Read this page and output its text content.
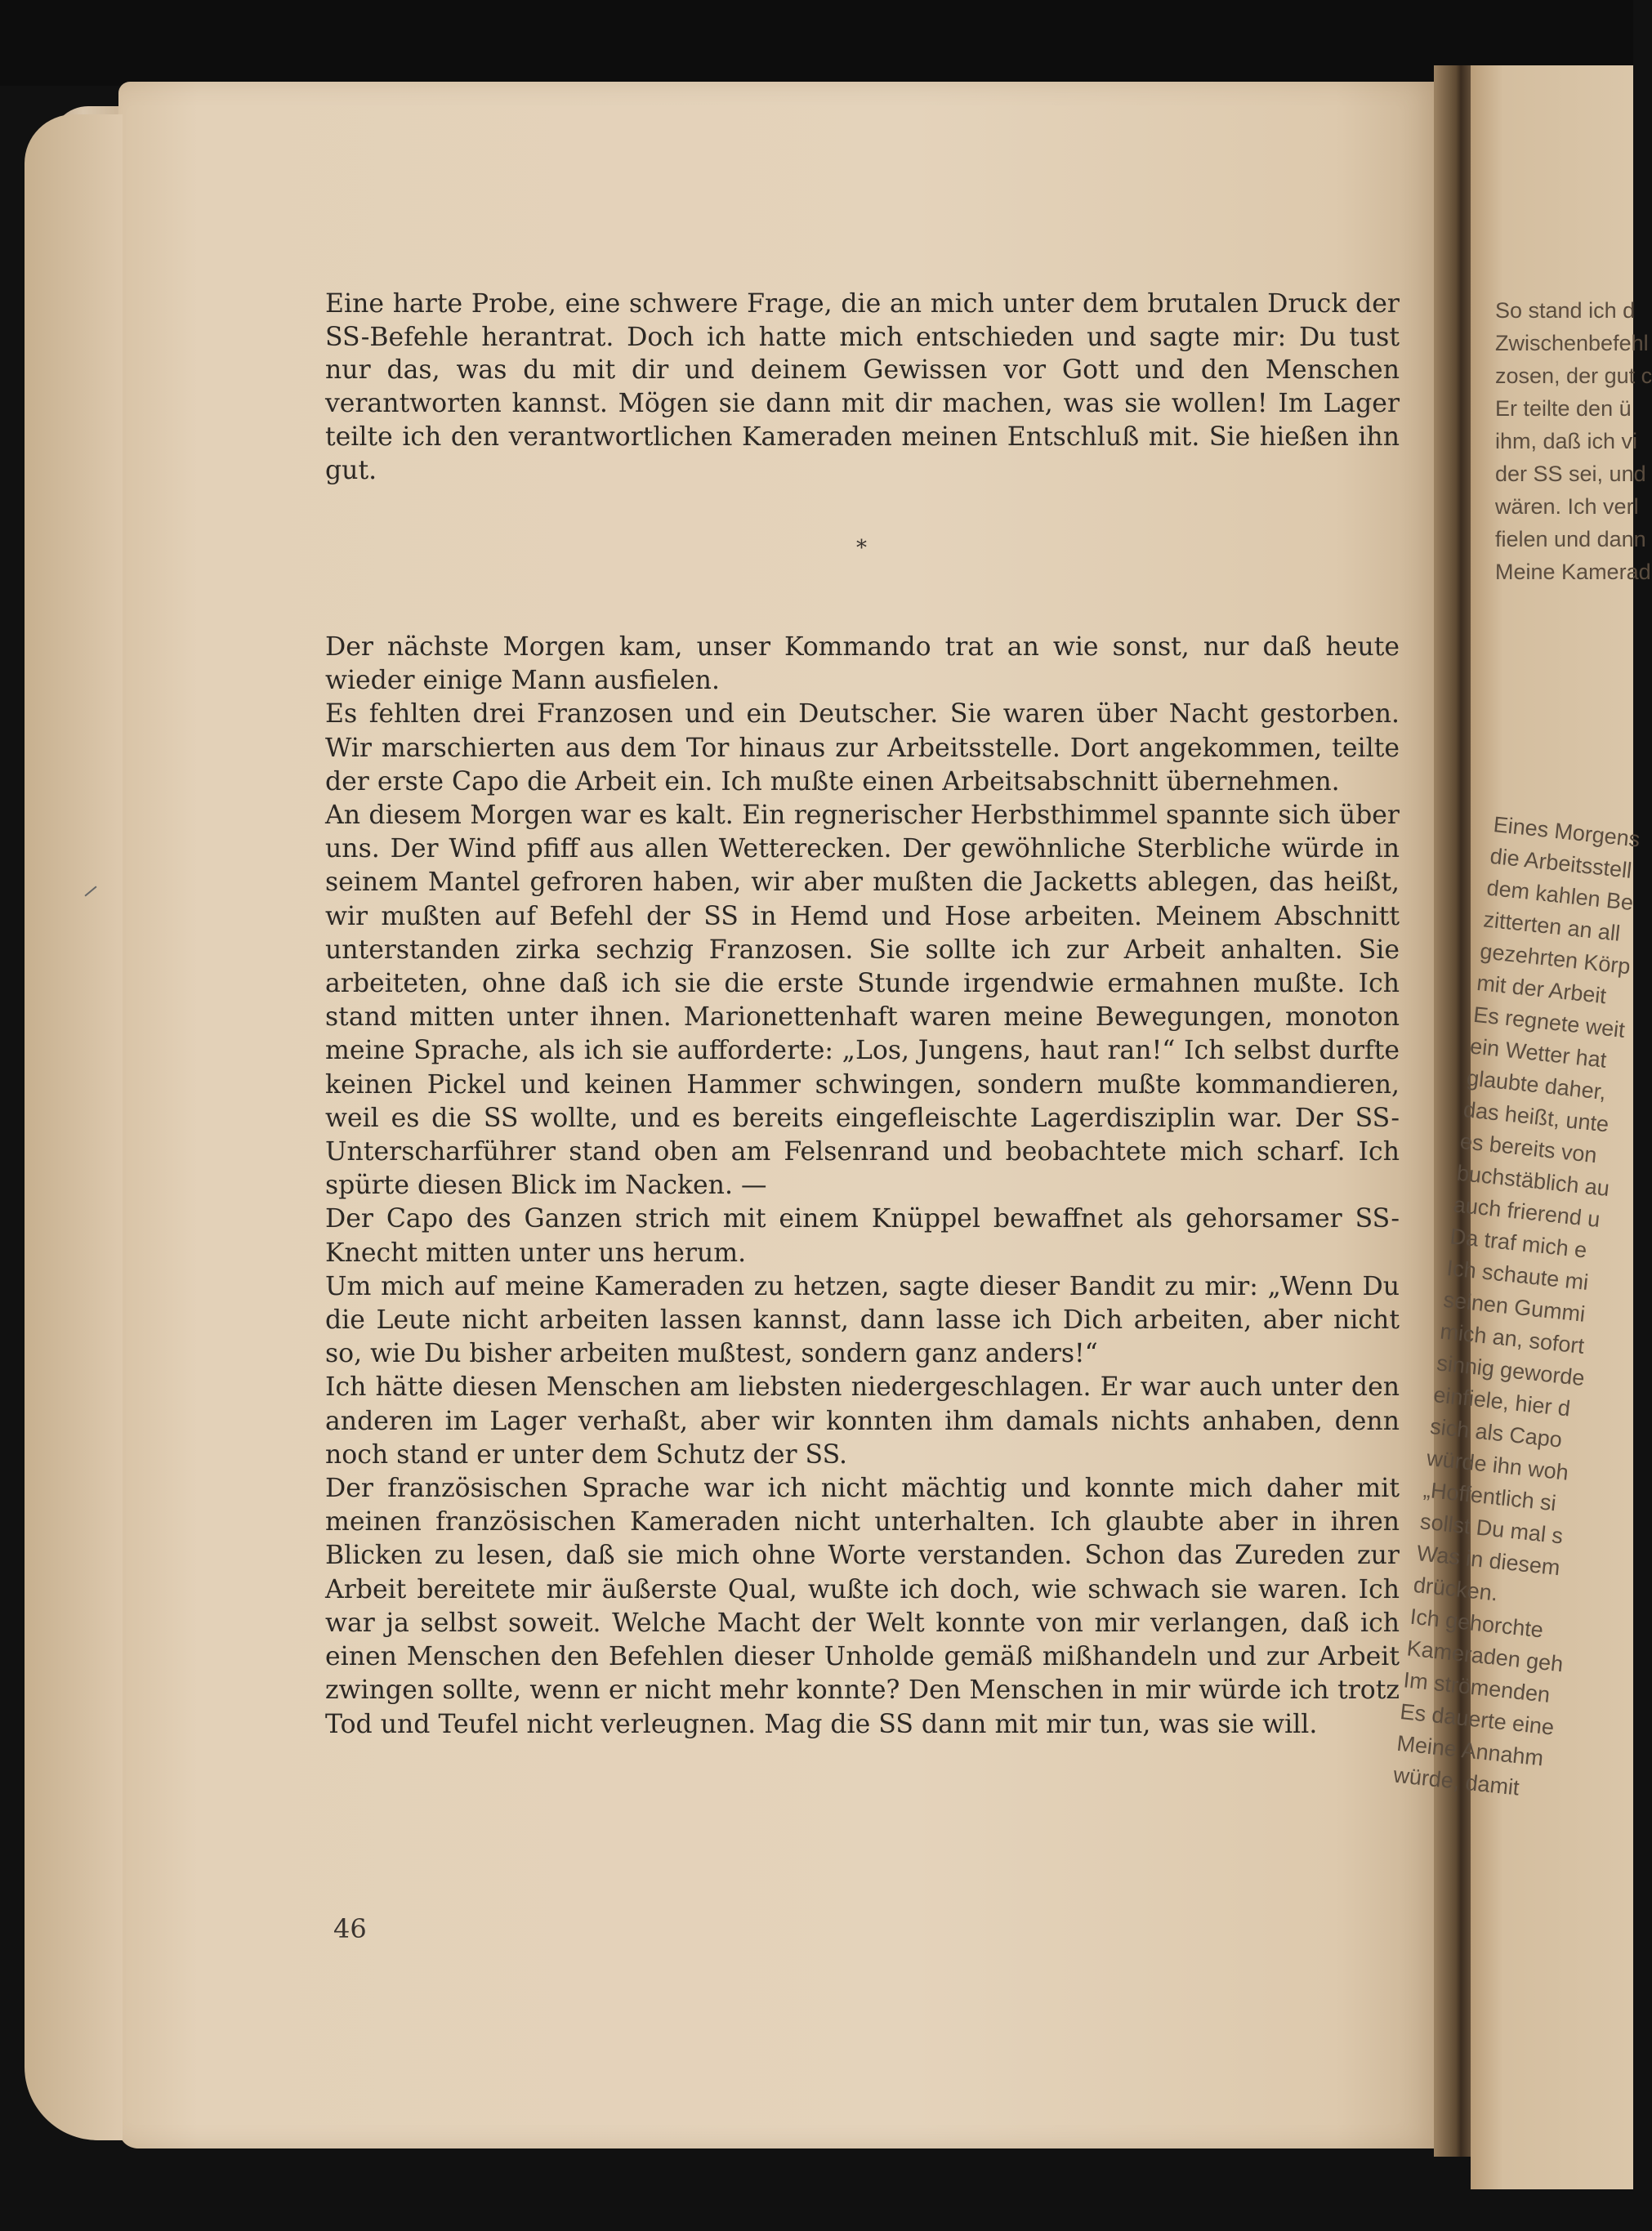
Eine harte Probe, eine schwere Frage, die an mich unter dem brutalen Druck der SS-Befehle herantrat. Doch ich hatte mich entschieden und sagte mir: Du tust nur das, was du mit dir und deinem Gewissen vor Gott und den Menschen verantworten kannst. Mögen sie dann mit dir machen, was sie wollen! Im Lager teilte ich den verantwortlichen Kameraden meinen Entschluß mit. Sie hießen ihn gut.

*

Der nächste Morgen kam, unser Kommando trat an wie sonst, nur daß heute wieder einige Mann ausfielen.

Es fehlten drei Franzosen und ein Deutscher. Sie waren über Nacht gestorben. Wir marschierten aus dem Tor hinaus zur Arbeitsstelle. Dort angekommen, teilte der erste Capo die Arbeit ein. Ich mußte einen Arbeitsabschnitt übernehmen.

An diesem Morgen war es kalt. Ein regnerischer Herbsthimmel spannte sich über uns. Der Wind pfiff aus allen Wetterecken. Der gewöhnliche Sterbliche würde in seinem Mantel gefroren haben, wir aber mußten die Jacketts ablegen, das heißt, wir mußten auf Befehl der SS in Hemd und Hose arbeiten. Meinem Abschnitt unterstanden zirka sechzig Franzosen. Sie sollte ich zur Arbeit anhalten. Sie arbeiteten, ohne daß ich sie die erste Stunde irgendwie ermahnen mußte. Ich stand mitten unter ihnen. Marionettenhaft waren meine Bewegungen, monoton meine Sprache, als ich sie aufforderte: „Los, Jungens, haut ran!“ Ich selbst durfte keinen Pickel und keinen Hammer schwingen, sondern mußte kommandieren, weil es die SS wollte, und es bereits eingefleischte Lagerdisziplin war. Der SS-Unterscharführer stand oben am Felsenrand und beobachtete mich scharf. Ich spürte diesen Blick im Nacken. —

Der Capo des Ganzen strich mit einem Knüppel bewaffnet als gehorsamer SS-Knecht mitten unter uns herum.

Um mich auf meine Kameraden zu hetzen, sagte dieser Bandit zu mir: „Wenn Du die Leute nicht arbeiten lassen kannst, dann lasse ich Dich arbeiten, aber nicht so, wie Du bisher arbeiten mußtest, sondern ganz anders!“

Ich hätte diesen Menschen am liebsten niedergeschlagen. Er war auch unter den anderen im Lager verhaßt, aber wir konnten ihm damals nichts anhaben, denn noch stand er unter dem Schutz der SS.

Der französischen Sprache war ich nicht mächtig und konnte mich daher mit meinen französischen Kameraden nicht unterhalten. Ich glaubte aber in ihren Blicken zu lesen, daß sie mich ohne Worte verstanden. Schon das Zureden zur Arbeit bereitete mir äußerste Qual, wußte ich doch, wie schwach sie waren. Ich war ja selbst soweit. Welche Macht der Welt konnte von mir verlangen, daß ich einen Menschen den Befehlen dieser Unholde gemäß mißhandeln und zur Arbeit zwingen sollte, wenn er nicht mehr konnte? Den Menschen in mir würde ich trotz Tod und Teufel nicht verleugnen. Mag die SS dann mit mir tun, was sie will.

46
So stand ich d
Zwischenbefehl
zosen, der gut c
Er teilte den ü
ihm, daß ich vi
der SS sei, und
wären. Ich verl
fielen und dann
Meine Kamerad
Eines Morgens
die Arbeitsstell
dem kahlen Be
zitterten an all
gezehrten Körp
mit der Arbeit
Es regnete weit
ein Wetter hat
glaubte daher,
das heißt, unte
es bereits von
buchstäblich au
auch frierend u
Da traf mich e
Ich schaute mi
seinen Gummi
mich an, sofort
sinnig geworde
einfiele, hier d
sich als Capo
würde ihn woh
„Hoffentlich si
sollst Du mal s
Was in diesem
drücken.
Ich gehorchte
Kameraden geh
Im strömenden
Es dauerte eine
Meine Annahm
würde, damit
